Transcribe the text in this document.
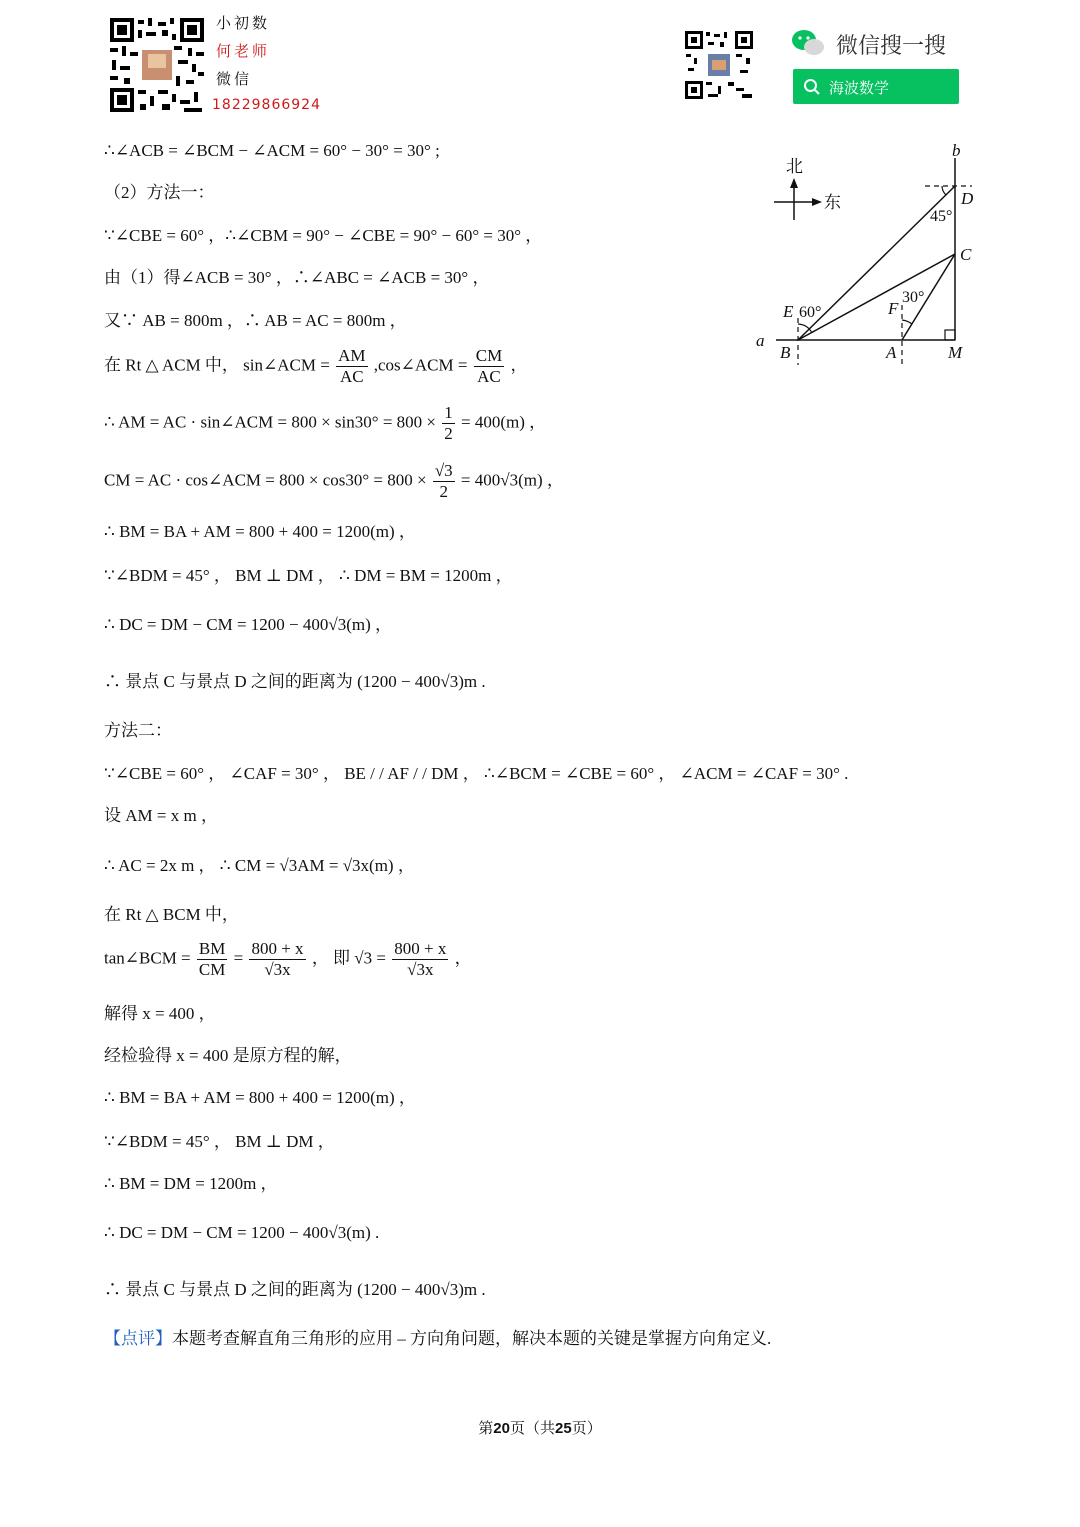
小初数
何老师
微信
18229866924
微信搜一搜
海波数学
北
东
b
D
45°
C
30°
F
E 60°
a
B	A	M
∴∠ACB = ∠BCM − ∠ACM = 60° − 30° = 30° ;
（2）方法一：
∵∠CBE = 60° ，∴∠CBM = 90° − ∠CBE = 90° − 60° = 30° ，
由（1）得∠ACB = 30° ，∴∠ABC = ∠ACB = 30° ，
又∵ AB = 800m ，∴ AB = AC = 800m ，
在 Rt △ ACM 中， sin∠ACM = $\frac{AM}{AC}$ ,cos∠ACM = $\frac{CM}{AC}$ ，
∴ AM = AC · sin∠ACM = $800 \times \sin 30^\circ = 800 \times \frac{1}{2} = 400(m)$ ，
CM = AC · cos∠ACM = $800 \times \cos 30^\circ = 800 \times \frac{√3}{2} = 400√3(m)$ ，
∴ BM = BA + AM = 800 + 400 = 1200(m) ，
∵∠BDM = 45° ， BM ⊥ DM ， ∴ DM = BM = 1200m ，
∴ DC = DM − CM = 1200 − 400√3(m) ，
∴ 景点 C 与景点 D 之间的距离为 (1200 − 400√3)m .
方法二：
∵∠CBE = 60° ， ∠CAF = 30° ， BE / / AF / / DM ， ∴∠BCM = ∠CBE = 60° ， ∠ACM = ∠CAF = 30° .
设 AM = x m ，
∴ AC = 2x m ， ∴ CM = √3AM = √3x(m) ，
在 Rt △ BCM 中，
tan∠BCM = $\frac{BM}{CM} = \frac{800 + x}{√3x}$ ， 即 $√3 = \frac{800 + x}{√3x}$ ，
解得 x = 400 ，
经检验得 x = 400 是原方程的解，
∴ BM = BA + AM = 800 + 400 = 1200(m) ，
∵∠BDM = 45° ， BM ⊥ DM ，
∴ BM = DM = 1200m ，
∴ DC = DM − CM = 1200 − 400√3(m) .
∴ 景点 C 与景点 D 之间的距离为 (1200 − 400√3)m .
【点评】本题考查解直角三角形的应用 – 方向角问题，解决本题的关键是掌握方向角定义.
第20页（共25页）
